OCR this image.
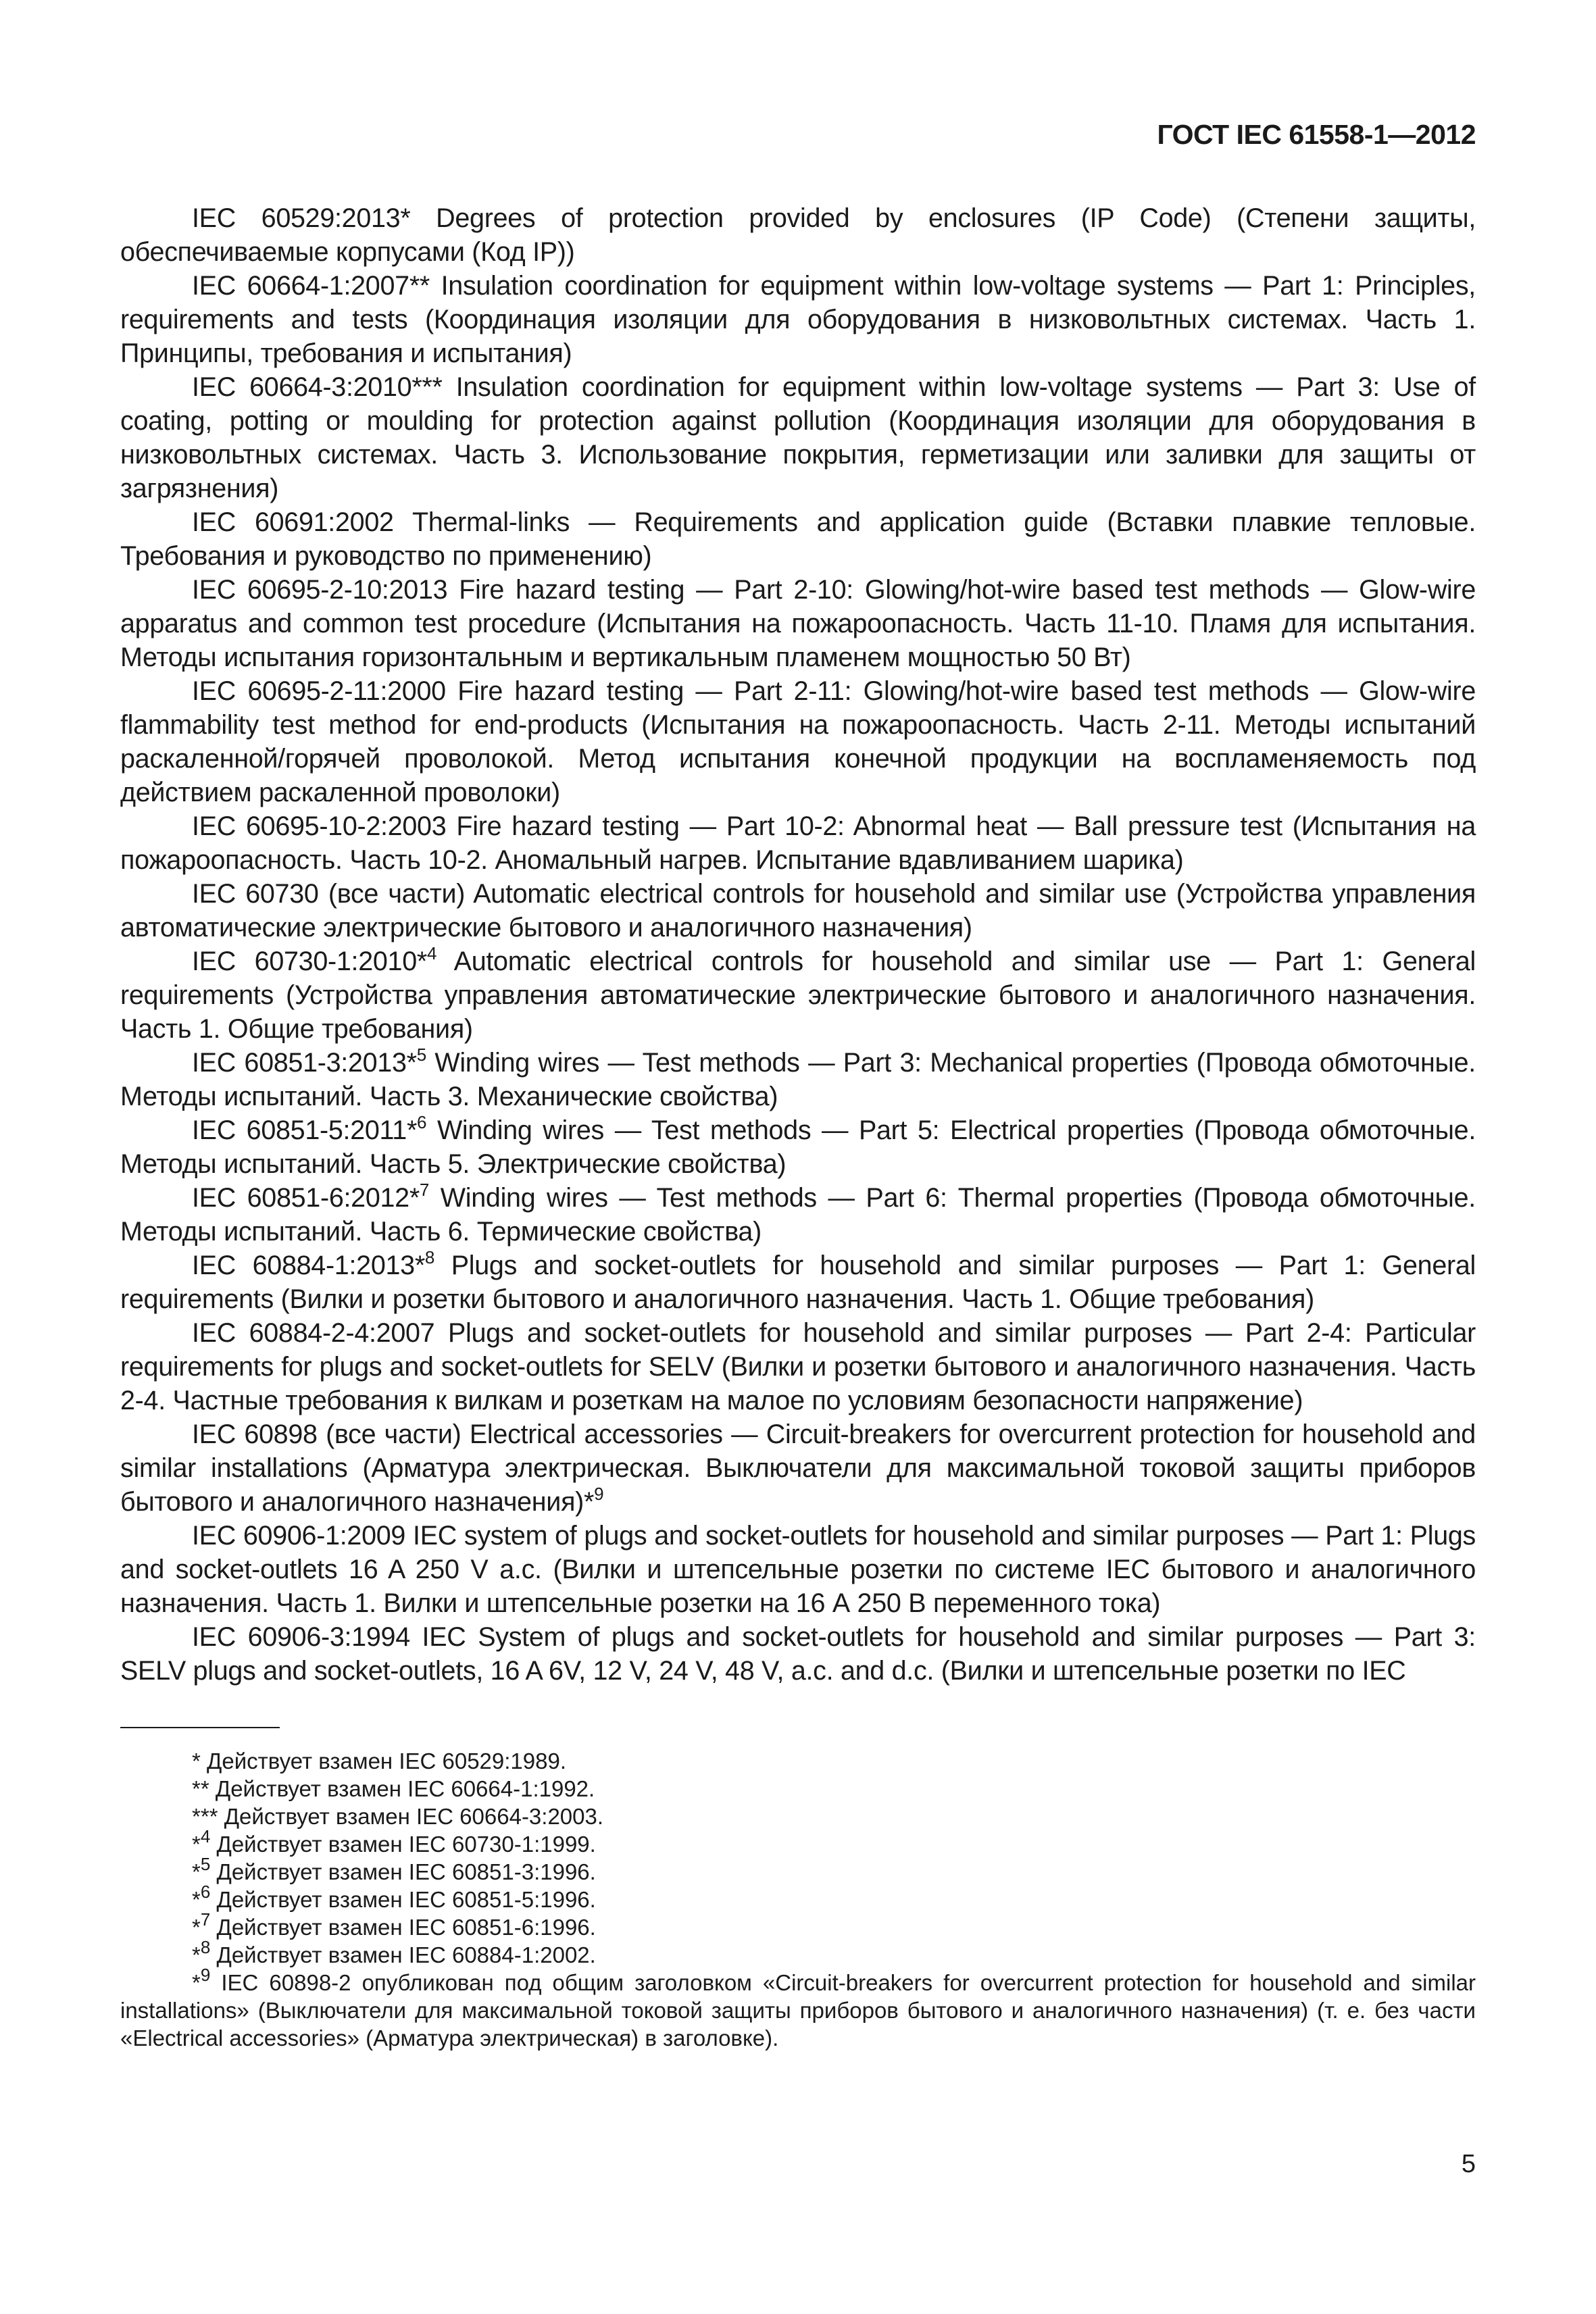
ГОСТ IEC 61558-1—2012

IEC 60529:2013* Degrees of protection provided by enclosures (IP Code) (Степени защиты, обеспечиваемые корпусами (Код IP))

IEC 60664-1:2007** Insulation coordination for equipment within low-voltage systems — Part 1: Principles, requirements and tests (Координация изоляции для оборудования в низковольтных системах. Часть 1. Принципы, требования и испытания)

IEC 60664-3:2010*** Insulation coordination for equipment within low-voltage systems — Part 3: Use of coating, potting or moulding for protection against pollution (Координация изоляции для оборудования в низковольтных системах. Часть 3. Использование покрытия, герметизации или заливки для защиты от загрязнения)

IEC 60691:2002 Thermal-links — Requirements and application guide (Вставки плавкие тепловые. Требования и руководство по применению)

IEC 60695-2-10:2013 Fire hazard testing — Part 2-10: Glowing/hot-wire based test methods — Glow-wire apparatus and common test procedure (Испытания на пожароопасность. Часть 11-10. Пламя для испытания. Методы испытания горизонтальным и вертикальным пламенем мощностью 50 Вт)

IEC 60695-2-11:2000 Fire hazard testing — Part 2-11: Glowing/hot-wire based test methods — Glow-wire flammability test method for end-products (Испытания на пожароопасность. Часть 2-11. Методы испытаний раскаленной/горячей проволокой. Метод испытания конечной продукции на воспламеняемость под действием раскаленной проволоки)

IEC 60695-10-2:2003 Fire hazard testing — Part 10-2: Abnormal heat — Ball pressure test (Испытания на пожароопасность. Часть 10-2. Аномальный нагрев. Испытание вдавливанием шарика)

IEC 60730 (все части) Automatic electrical controls for household and similar use (Устройства управления автоматические электрические бытового и аналогичного назначения)

IEC 60730-1:2010*$^4$ Automatic electrical controls for household and similar use — Part 1: General requirements (Устройства управления автоматические электрические бытового и аналогичного назначения. Часть 1. Общие требования)

IEC 60851-3:2013*$^5$ Winding wires — Test methods — Part 3: Mechanical properties (Провода обмоточные. Методы испытаний. Часть 3. Механические свойства)

IEC 60851-5:2011*$^6$ Winding wires — Test methods — Part 5: Electrical properties (Провода обмоточные. Методы испытаний. Часть 5. Электрические свойства)

IEC 60851-6:2012*$^7$ Winding wires — Test methods — Part 6: Thermal properties (Провода обмоточные. Методы испытаний. Часть 6. Термические свойства)

IEC 60884-1:2013*$^8$ Plugs and socket-outlets for household and similar purposes — Part 1: General requirements (Вилки и розетки бытового и аналогичного назначения. Часть 1. Общие требования)

IEC 60884-2-4:2007 Plugs and socket-outlets for household and similar purposes — Part 2-4: Particular requirements for plugs and socket-outlets for SELV (Вилки и розетки бытового и аналогичного назначения. Часть 2-4. Частные требования к вилкам и розеткам на малое по условиям безопасности напряжение)

IEC 60898 (все части) Electrical accessories — Circuit-breakers for overcurrent protection for household and similar installations (Арматура электрическая. Выключатели для максимальной токовой защиты приборов бытового и аналогичного назначения)*$^9$

IEC 60906-1:2009 IEC system of plugs and socket-outlets for household and similar purposes — Part 1: Plugs and socket-outlets 16 A 250 V a.c. (Вилки и штепсельные розетки по системе IEC бытового и аналогичного назначения. Часть 1. Вилки и штепсельные розетки на 16 А 250 В переменного тока)

IEC 60906-3:1994 IEC System of plugs and socket-outlets for household and similar purposes — Part 3: SELV plugs and socket-outlets, 16 A 6V, 12 V, 24 V, 48 V, a.c. and d.c. (Вилки и штепсельные розетки по IEC

* Действует взамен IEC 60529:1989.

** Действует взамен IEC 60664-1:1992.

*** Действует взамен IEC 60664-3:2003.

*$^4$ Действует взамен IEC 60730-1:1999.

*$^5$ Действует взамен IEC 60851-3:1996.

*$^6$ Действует взамен IEC 60851-5:1996.

*$^7$ Действует взамен IEC 60851-6:1996.

*$^8$ Действует взамен IEC 60884-1:2002.

*$^9$ IEC 60898-2 опубликован под общим заголовком «Circuit-breakers for overcurrent protection for household and similar installations» (Выключатели для максимальной токовой защиты приборов бытового и аналогичного назначения) (т. е. без части «Electrical accessories» (Арматура электрическая) в заголовке).

5
